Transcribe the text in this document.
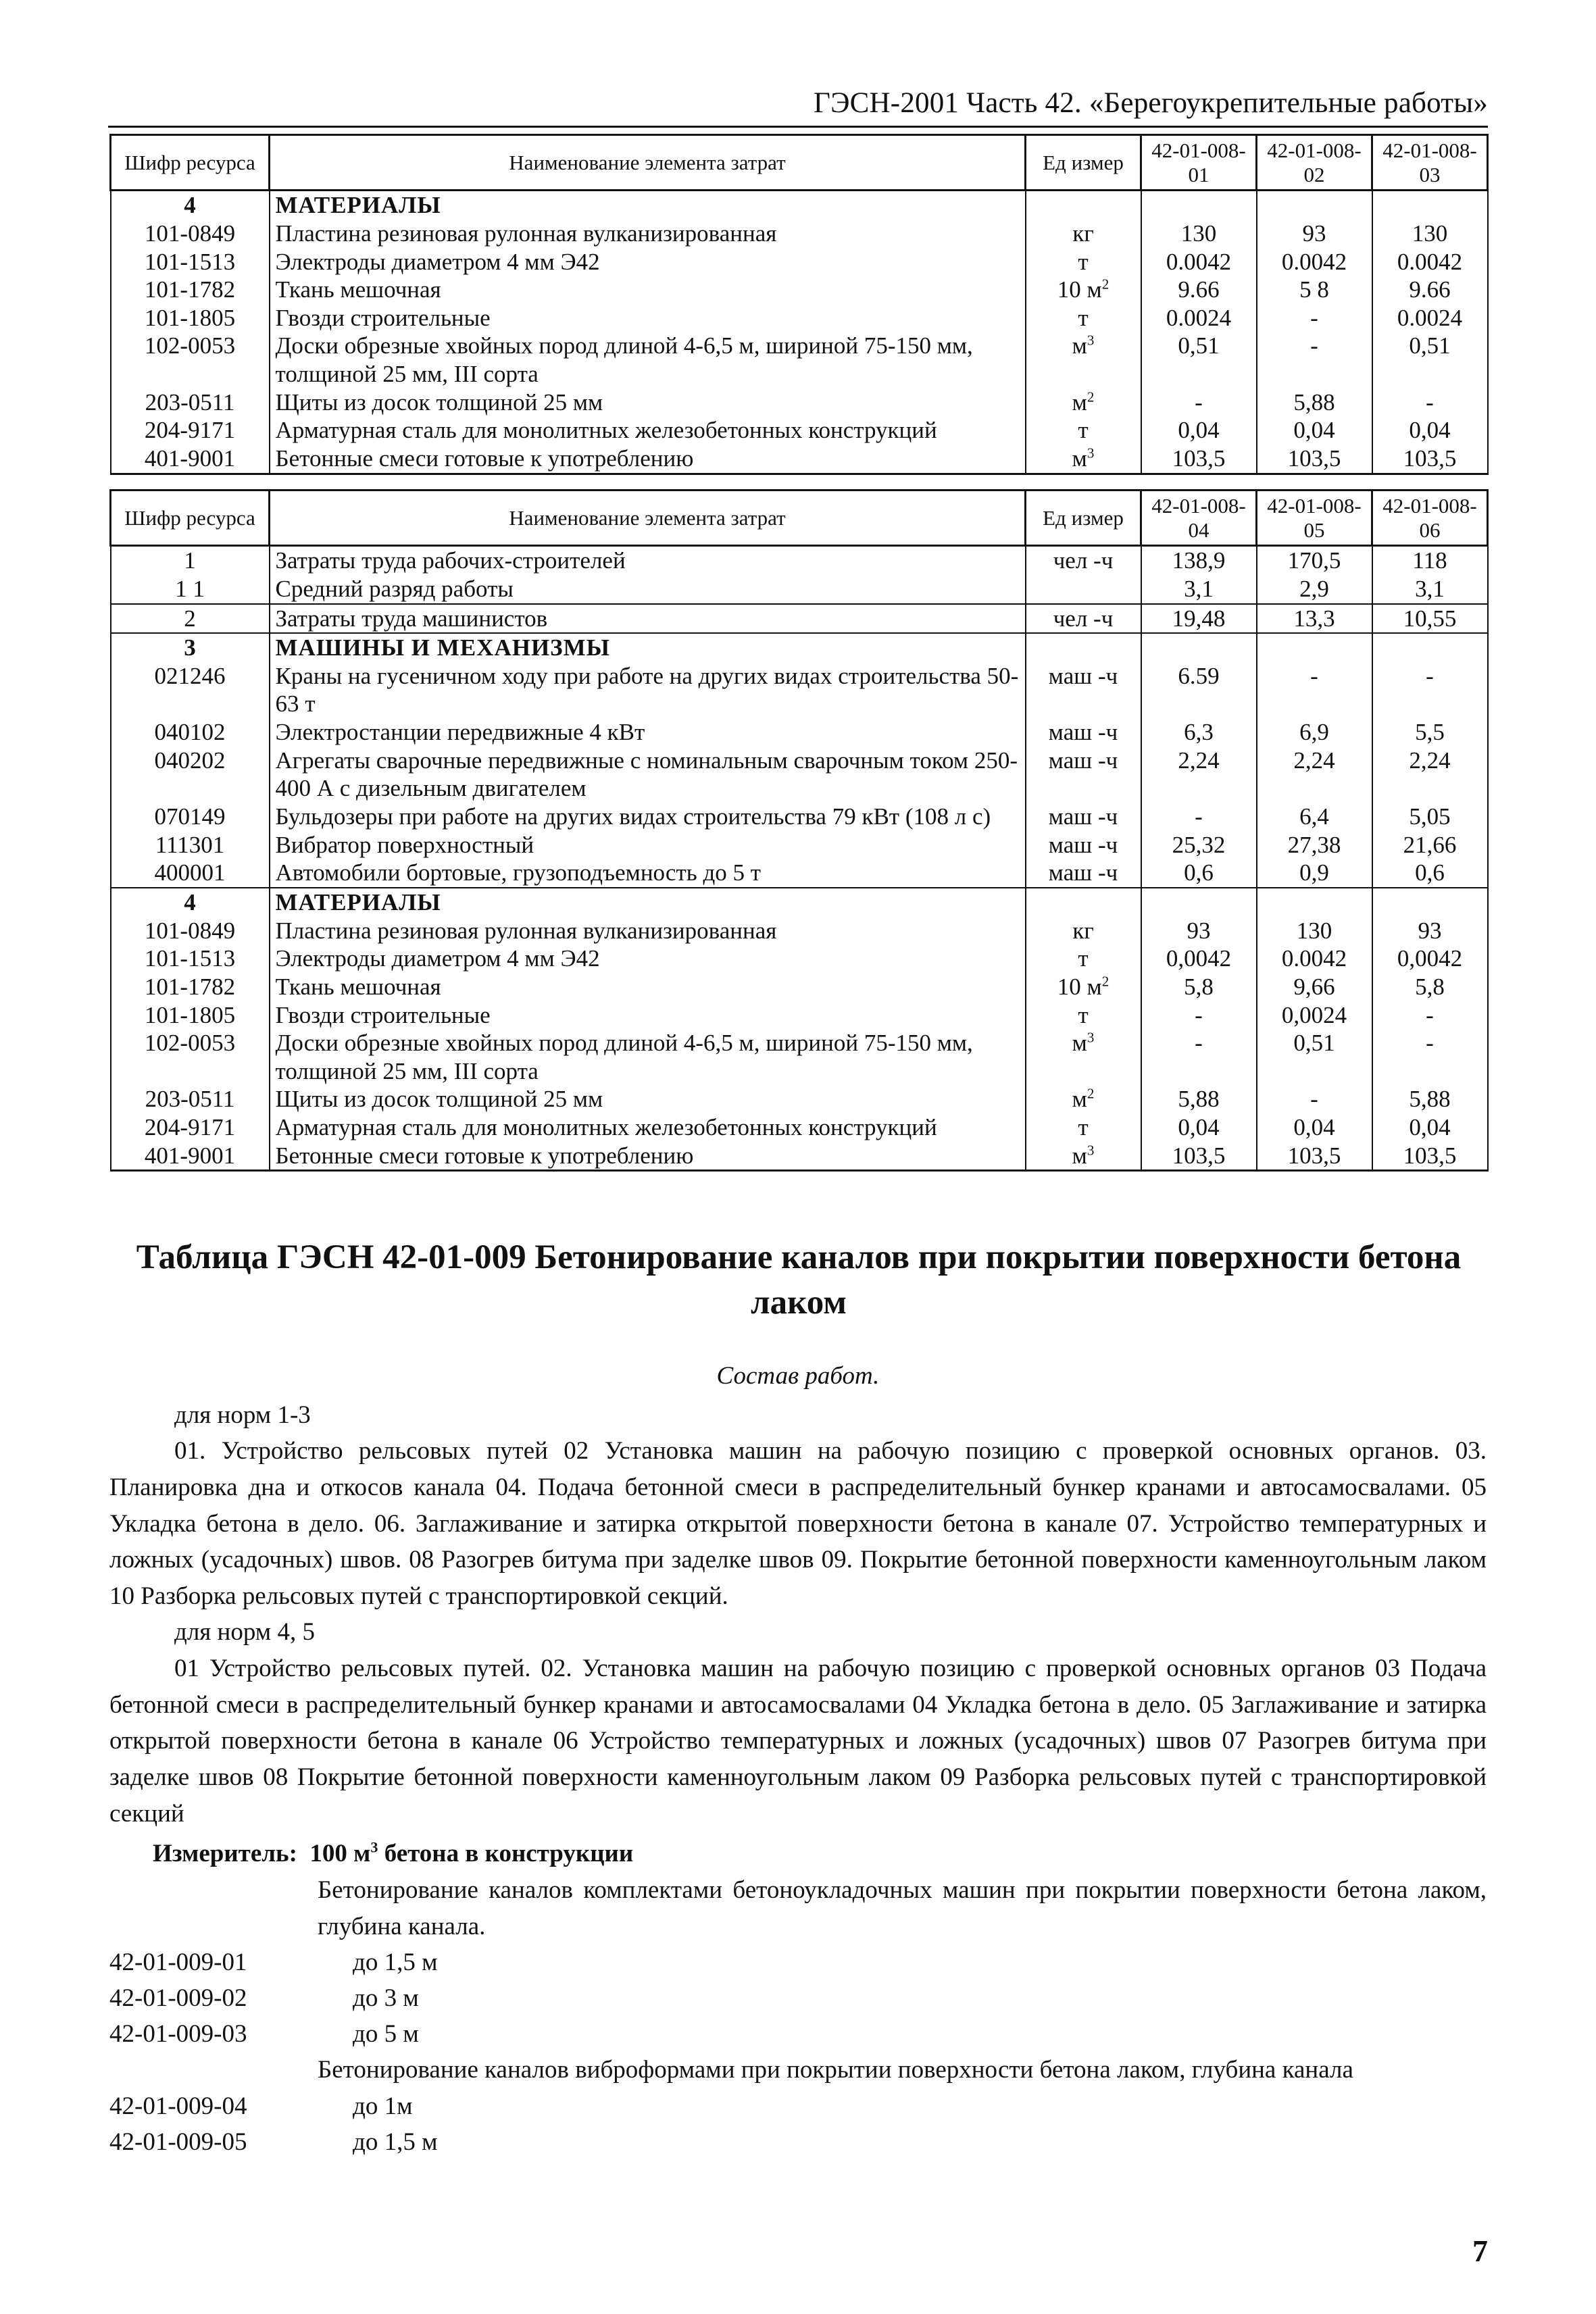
ГЭСН-2001 Часть 42. «Берегоукрепительные работы»
Шифр ресурса	Наименование элемента затрат	Ед измер	42-01-008-01	42-01-008-02	42-01-008-03
4	МАТЕРИАЛЫ				
101-0849	Пластина резиновая рулонная вулканизированная	кг	130	93	130
101-1513	Электроды диаметром 4 мм Э42	т	0.0042	0.0042	0.0042
101-1782	Ткань мешочная	10 $м^2$	9.66	5 8	9.66
101-1805	Гвозди строительные	т	0.0024	-	0.0024
102-0053	Доски обрезные хвойных пород длиной 4-6,5 м, шириной 75-150 мм, толщиной 25 мм, III сорта	$м^3$	0,51	-	0,51
203-0511	Щиты из досок толщиной 25 мм	$м^2$	-	5,88	-
204-9171	Арматурная сталь для монолитных железобетонных конструкций	т	0,04	0,04	0,04
401-9001	Бетонные смеси готовые к употреблению	$м^3$	103,5	103,5	103,5
Шифр ресурса	Наименование элемента затрат	Ед измер	42-01-008-04	42-01-008-05	42-01-008-06
1	Затраты труда рабочих-строителей	чел -ч	138,9	170,5	118
1 1	Средний разряд работы		3,1	2,9	3,1
2	Затраты труда машинистов	чел -ч	19,48	13,3	10,55
3	МАШИНЫ И МЕХАНИЗМЫ				
021246	Краны на гусеничном ходу при работе на других видах строительства 50-63 т	маш -ч	6.59	-	-
040102	Электростанции передвижные 4 кВт	маш -ч	6,3	6,9	5,5
040202	Агрегаты сварочные передвижные с номинальным сварочным током 250-400 А с дизельным двигателем	маш -ч	2,24	2,24	2,24
070149	Бульдозеры при работе на других видах строительства 79 кВт (108 л с)	маш -ч	-	6,4	5,05
111301	Вибратор поверхностный	маш -ч	25,32	27,38	21,66
400001	Автомобили бортовые, грузоподъемность до 5 т	маш -ч	0,6	0,9	0,6
4	МАТЕРИАЛЫ				
101-0849	Пластина резиновая рулонная вулканизированная	кг	93	130	93
101-1513	Электроды диаметром 4 мм Э42	т	0,0042	0.0042	0,0042
101-1782	Ткань мешочная	10 $м^2$	5,8	9,66	5,8
101-1805	Гвозди строительные	т	-	0,0024	-
102-0053	Доски обрезные хвойных пород длиной 4-6,5 м, шириной 75-150 мм, толщиной 25 мм, III сорта	$м^3$	-	0,51	-
203-0511	Щиты из досок толщиной 25 мм	$м^2$	5,88	-	5,88
204-9171	Арматурная сталь для монолитных железобетонных конструкций	т	0,04	0,04	0,04
401-9001	Бетонные смеси готовые к употреблению	$м^3$	103,5	103,5	103,5
Таблица ГЭСН 42-01-009 Бетонирование каналов при покрытии поверхности бетона лаком

Состав работ.

для норм 1-3

01. Устройство рельсовых путей 02 Установка машин на рабочую позицию с проверкой основных органов. 03. Планировка дна и откосов канала 04. Подача бетонной смеси в распределительный бункер кранами и автосамосвалами. 05 Укладка бетона в дело. 06. Заглаживание и затирка открытой поверхности бетона в канале 07. Устройство температурных и ложных (усадочных) швов. 08 Разогрев битума при заделке швов 09. Покрытие бетонной поверхности каменноугольным лаком 10 Разборка рельсовых путей с транспортировкой секций.

для норм 4, 5

01 Устройство рельсовых путей. 02. Установка машин на рабочую позицию с проверкой основных органов 03 Подача бетонной смеси в распределительный бункер кранами и автосамосвалами 04 Укладка бетона в дело. 05 Заглаживание и затирка открытой поверхности бетона в канале 06 Устройство температурных и ложных (усадочных) швов 07 Разогрев битума при заделке швов 08 Покрытие бетонной поверхности каменноугольным лаком 09 Разборка рельсовых путей с транспортировкой секций

Измеритель: 100 $м^3$ бетона в конструкции

Бетонирование каналов комплектами бетоноукладочных машин при покрытии поверхности бетона лаком, глубина канала.

42-01-009-01	до 1,5 м
42-01-009-02	до 3 м
42-01-009-03	до 5 м

Бетонирование каналов виброформами при покрытии поверхности бетона лаком, глубина канала

42-01-009-04	до 1м
42-01-009-05	до 1,5 м
7
